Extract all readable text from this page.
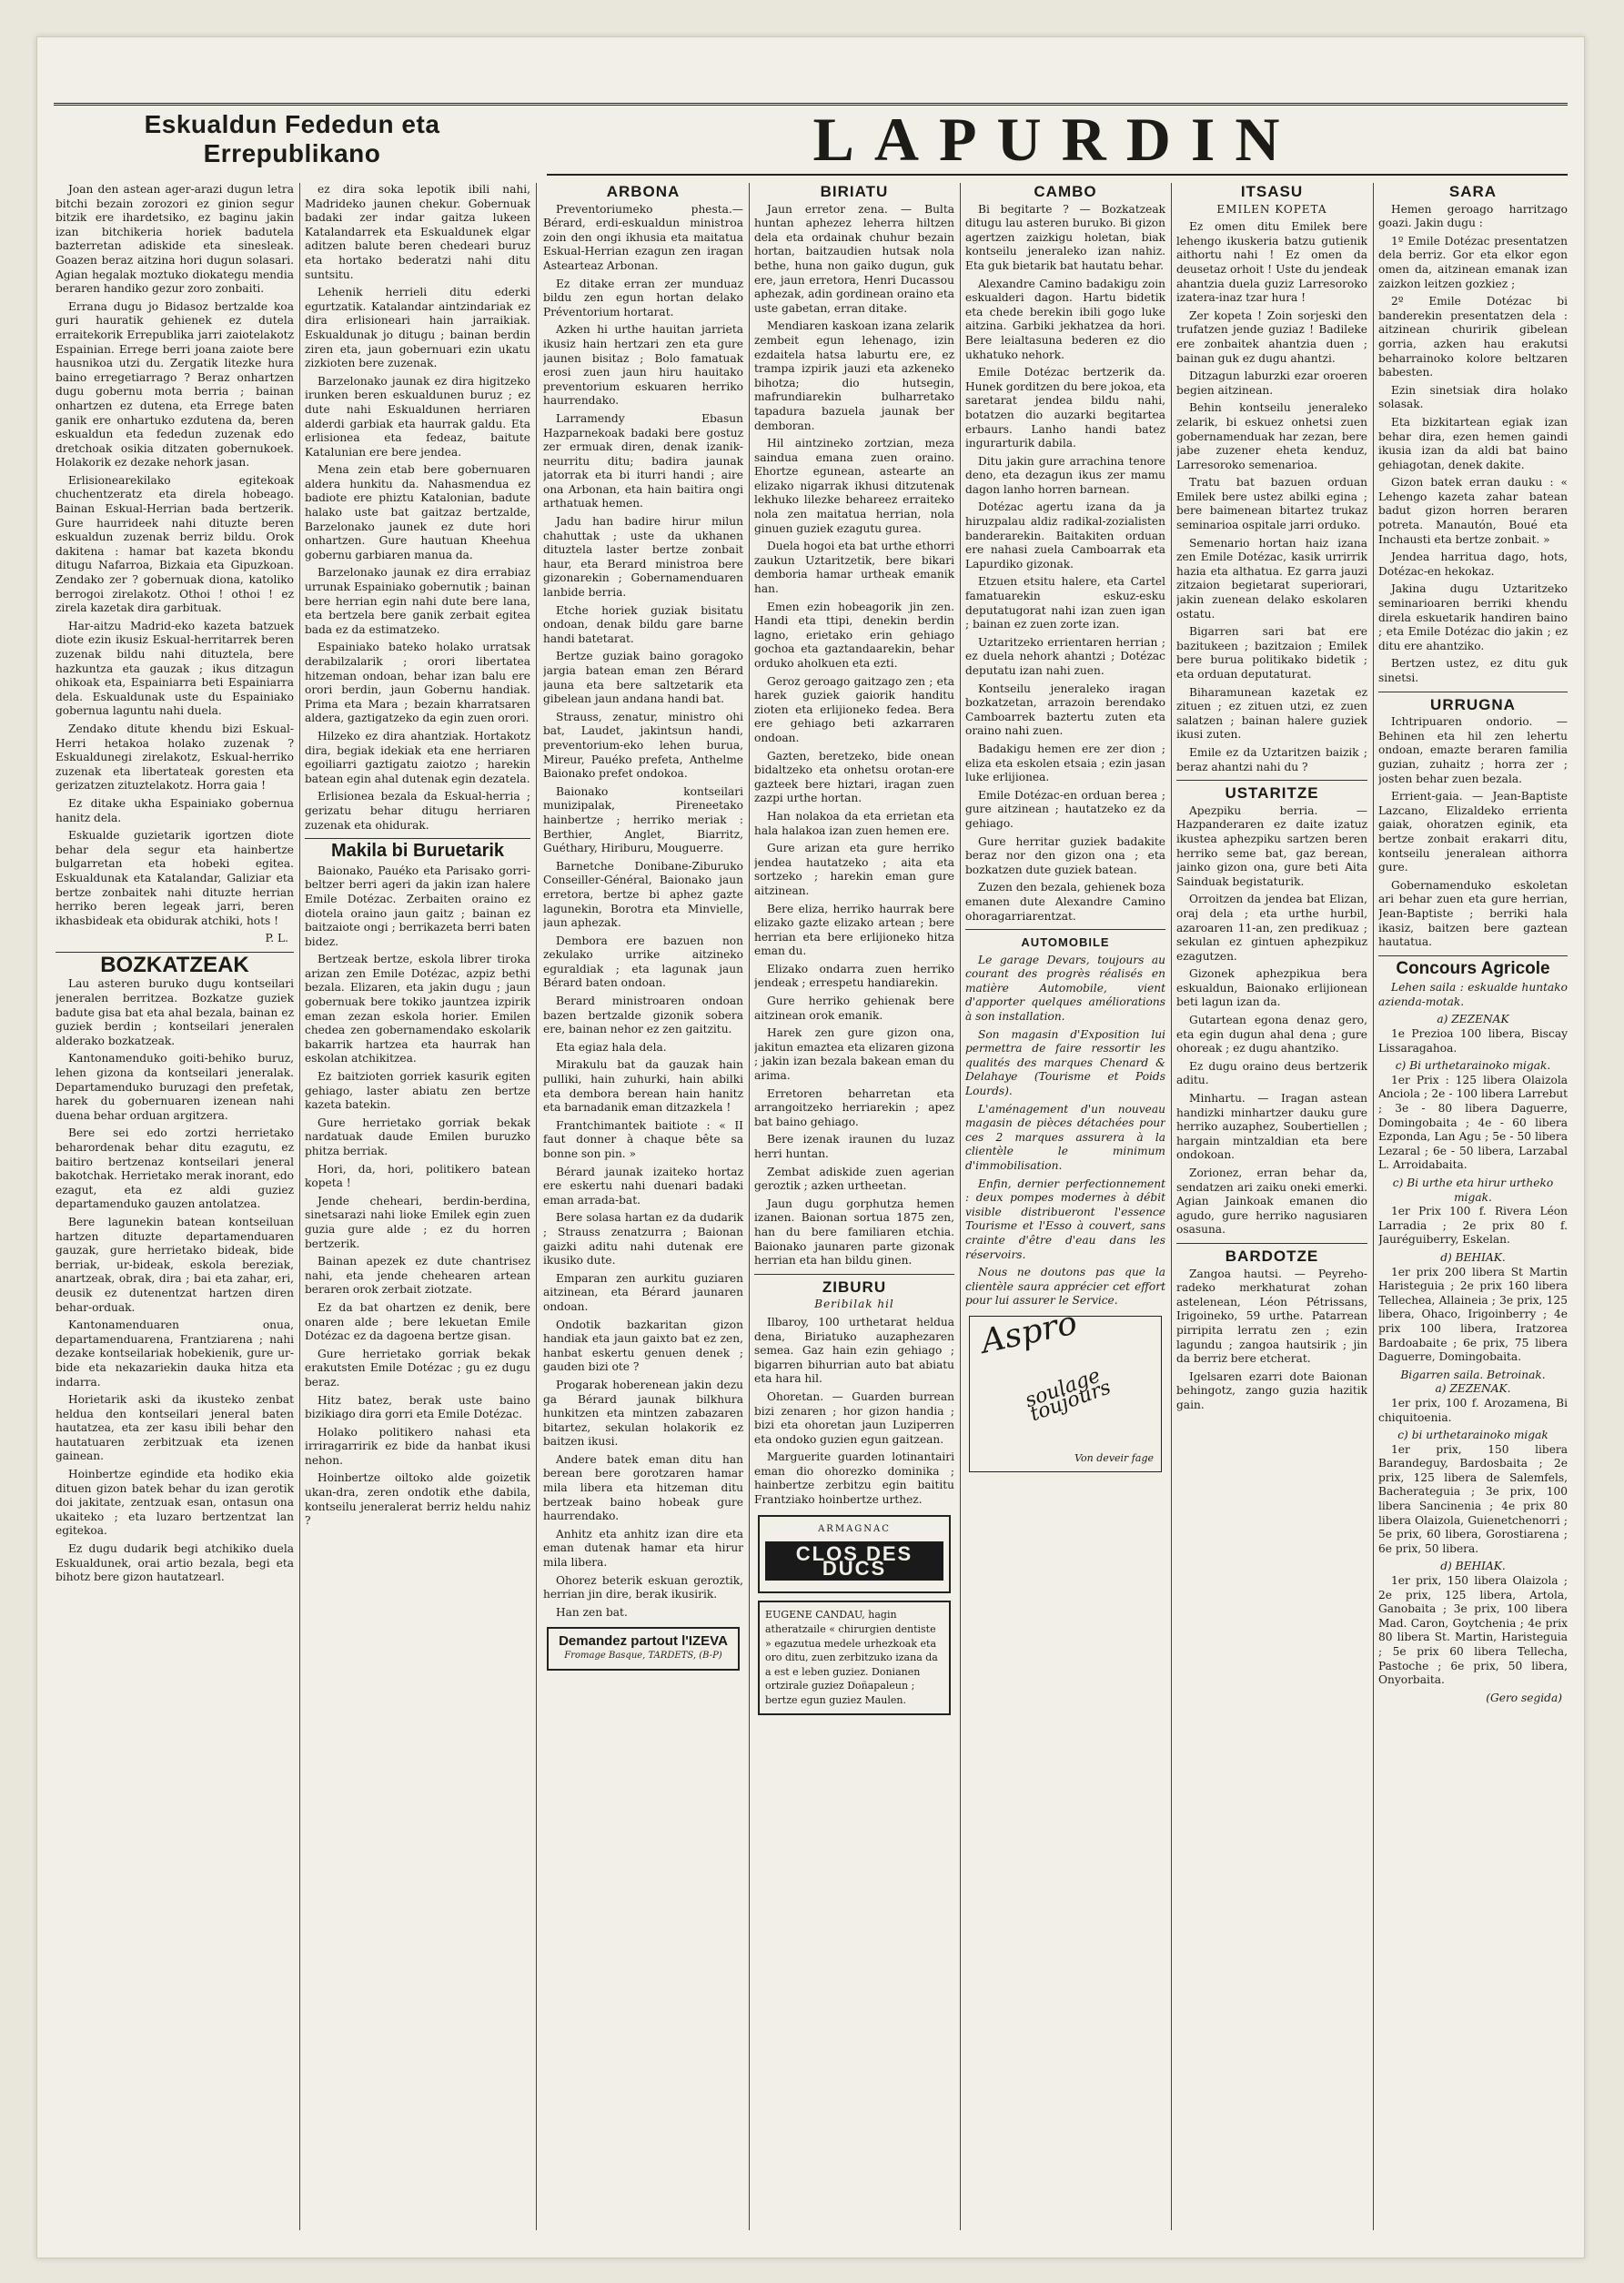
Eskualdun Fededun eta Errepublikano	LAPURDIN
Joan den astean ager-arazi dugun letra bitchi bezain zorozori ez ginion segur bitzik ere ihardetsiko, ez baginu jakin izan bitchikeria horiek badutela bazterretan adiskide eta sinesleak. Goazen beraz aitzina hori dugun solasari. Agian hegalak moztuko diokategu mendia beraren handiko gezur zoro zonbaiti.
Errana dugu jo Bidasoz bertzalde koa guri hauratik gehienek ez dutela erraitekorik Errepublika jarri zaiotelakotz Espainian. Errege berri joana zaiote bere hausnikoa utzi du. Zergatik litezke hura baino erregetiarrago ? Beraz onhartzen dugu gobernu mota berria ; bainan onhartzen ez dutena, eta Errege baten ganik ere onhartuko ezdutena da, beren eskualdun eta fededun zuzenak edo dretchoak osikia ditzaten gobernukoek. Holakorik ez dezake nehork jasan.
Erlisionearekilako egitekoak chuchentzeratz eta direla hobeago. Bainan Eskual-Herrian bada bertzerik. Gure haurrideek nahi dituzte beren eskualdun zuzenak berriz bildu. Orok dakitena : hamar bat kazeta bkondu ditugu Nafarroa, Bizkaia eta Gipuzkoan. Zendako zer ? gobernuak diona, katoliko berrogoi zirelakotz. Othoi ! othoi ! ez zirela kazetak dira garbituak.
Har-aitzu Madrid-eko kazeta batzuek diote ezin ikusiz Eskual-herritarrek beren zuzenak bildu nahi dituztela, bere hazkuntza eta gauzak ; ikus ditzagun ohikoak eta, Espainiarra beti Espainiarra dela. Eskualdunak uste du Espainiako gobernua laguntu nahi duela.
Zendako ditute khendu bizi Eskual-Herri hetakoa holako zuzenak ? Eskualdunegi zirelakotz, Eskual-herriko zuzenak eta libertateak goresten eta gerizatzen zituztelakotz. Horra gaia !
Ez ditake ukha Espainiako gobernua hanitz dela.
Eskualde guzietarik igortzen diote behar dela segur eta hainbertze bulgarretan eta hobeki egitea. Eskualdunak eta Katalandar, Galiziar eta bertze zonbaitek nahi dituzte herrian herriko beren legeak jarri, beren ikhasbideak eta obidurak atchiki, hots !
P. L.
BOZKATZEAK
Lau asteren buruko dugu kontseilari jeneralen berritzea. Bozkatze guziek badute gisa bat eta ahal bezala, bainan ez guziek berdin ; kontseilari jeneralen alderako bozkatzeak.
Kantonamenduko goiti-behiko buruz, lehen gizona da kontseilari jeneralak. Departamenduko buruzagi den prefetak, harek du gobernuaren izenean nahi duena behar orduan argitzera.
Bere sei edo zortzi herrietako beharordenak behar ditu ezagutu, ez baitiro bertzenaz kontseilari jeneral bakotchak. Herrietako merak inorant, edo ezagut, eta ez aldi guziez departamenduko gauzen antolatzea.
Bere lagunekin batean kontseiluan hartzen dituzte departamenduaren gauzak, gure herrietako bideak, bide berriak, ur-bideak, eskola bereziak, anartzeak, obrak, dira ; bai eta zahar, eri, deusik ez dutenentzat hartzen diren behar-orduak.
Kantonamenduaren onua, departamenduarena, Frantziarena ; nahi dezake kontseilariak hobekienik, gure ur-bide eta nekazariekin dauka hitza eta indarra.
Horietarik aski da ikusteko zenbat heldua den kontseilari jeneral baten hautatzea, eta zer kasu ibili behar den hautatuaren zerbitzuak eta izenen gainean.
Hoinbertze egindide eta hodiko ekia dituen gizon batek behar du izan gerotik doi jakitate, zentzuak esan, ontasun ona ukaiteko ; eta luzaro bertzentzat lan egitekoa.
Ez dugu dudarik begi atchikiko duela Eskualdunek, orai artio bezala, begi eta bihotz bere gizon hautatzearl.
ez dira soka lepotik ibili nahi, Madrideko jaunen chekur. Gobernuak badaki zer indar gaitza lukeen Katalandarrek eta Eskualdunek elgar aditzen balute beren chedeari buruz eta hortako bederatzi nahi ditu suntsitu.
Lehenik herrieli ditu ederki egurtzatik. Katalandar aintzindariak ez dira erlisioneari hain jarraikiak. Eskualdunak jo ditugu ; bainan berdin ziren eta, jaun gobernuari ezin ukatu zizkioten bere zuzenak.
Barzelonako jaunak ez dira higitzeko irunken beren eskualdunen buruz ; ez dute nahi Eskualdunen herriaren alderdi garbiak eta haurrak galdu. Eta erlisionea eta fedeaz, baitute Katalunian ere bere jendea.
Mena zein etab bere gobernuaren aldera hunkitu da. Nahasmendua ez badiote ere phiztu Katalonian, badute halako uste bat gaitzaz bertzalde, Barzelonako jaunek ez dute hori onhartzen. Gure hautuan Kheehua gobernu garbiaren manua da.
Barzelonako jaunak ez dira errabiaz urrunak Espainiako gobernutik ; bainan bere herrian egin nahi dute bere lana, eta bertzela bere ganik zerbait egitea bada ez da estimatzeko.
Espainiako bateko holako urratsak derabilzalarik ; orori libertatea hitzeman ondoan, behar izan balu ere orori berdin, jaun Gobernu handiak. Prima eta Mara ; bezain kharratsaren aldera, gaztigatzeko da egin zuen orori.
Hilzeko ez dira ahantziak. Hortakotz dira, begiak idekiak eta ene herriaren egoiliarri gaztigatu zaiotzo ; harekin batean egin ahal dutenak egin dezatela.
Erlisionea bezala da Eskual-herria ; gerizatu behar ditugu herriaren zuzenak eta ohidurak.
Makila bi Buruetarik
Baionako, Pauéko eta Parisako gorri-beltzer berri ageri da jakin izan halere Emile Dotézac. Zerbaiten oraino ez diotela oraino jaun gaitz ; bainan ez baitzaiote ongi ; berrikazeta berri baten bidez.
Bertzeak bertze, eskola librer tiroka arizan zen Emile Dotézac, azpiz bethi bezala. Elizaren, eta jakin dugu ; jaun gobernuak bere tokiko jauntzea izpirik eman zezan eskola horier. Emilen chedea zen gobernamendako eskolarik bakarrik hartzea eta haurrak han eskolan atchikitzea.
Ez baitzioten gorriek kasurik egiten gehiago, laster abiatu zen bertze kazeta batekin.
Gure herrietako gorriak bekak nardatuak daude Emilen buruzko phitza berriak.
Hori, da, hori, politikero batean kopeta !
Jende cheheari, berdin-berdina, sinetsarazi nahi lioke Emilek egin zuen guzia gure alde ; ez du horren bertzerik.
Bainan apezek ez dute chantrisez nahi, eta jende chehearen artean beraren orok zerbait ziotzate.
Ez da bat ohartzen ez denik, bere onaren alde ; bere lekuetan Emile Dotézac ez da dagoena bertze gisan.
Gure herrietako gorriak bekak erakutsten Emile Dotézac ; gu ez dugu beraz.
Hitz batez, berak uste baino bizikiago dira gorri eta Emile Dotézac.
Holako politikero nahasi eta irriragarririk ez bide da hanbat ikusi nehon.
Hoinbertze oiltoko alde goizetik ukan-dra, zeren ondotik ethe dabila, kontseilu jeneralerat berriz heldu nahiz ?
ARBONA
Preventoriumeko phesta.—Bérard, erdi-eskualdun ministroa zoin den ongi ikhusia eta maitatua Eskual-Herrian ezagun zen iragan Astearteaz Arbonan.
Ez ditake erran zer munduaz bildu zen egun hortan delako Préventorium hortarat.
Azken hi urthe hauitan jarrieta ikusiz hain hertzari zen eta gure jaunen bisitaz ; Bolo famatuak erosi zuen jaun hiru hauitako preventorium eskuaren herriko haurrendako.
Larramendy Ebasun Hazparnekoak badaki bere gostuz zer ermuak diren, denak izanik-neurritu ditu; badira jaunak jatorrak eta bi iturri handi ; aire ona Arbonan, eta hain baitira ongi arthatuak hemen.
Jadu han badire hirur milun chahuttak ; uste da ukhanen dituztela laster bertze zonbait haur, eta Berard ministroa bere gizonarekin ; Gobernamenduaren lanbide berria.
Etche horiek guziak bisitatu ondoan, denak bildu gare barne handi batetarat.
Bertze guziak baino goragoko jargia batean eman zen Bérard jauna eta bere saltzetarik eta gibelean jaun andana handi bat.
Strauss, zenatur, ministro ohi bat, Laudet, jakintsun handi, preventorium-eko lehen burua, Mireur, Pauéko prefeta, Anthelme Baionako prefet ondokoa.
Baionako kontseilari munizipalak, Pireneetako hainbertze ; herriko meriak : Berthier, Anglet, Biarritz, Guéthary, Hiriburu, Mouguerre.
Barnetche Donibane-Ziburuko Conseiller-Général, Baionako jaun erretora, bertze bi aphez gazte lagunekin, Borotra eta Minvielle, jaun aphezak.
Dembora ere bazuen non zekulako urrike aitzineko eguraldiak ; eta lagunak jaun Bérard baten ondoan.
Berard ministroaren ondoan bazen bertzalde gizonik sobera ere, bainan nehor ez zen gaitzitu.
Eta egiaz hala dela.
Mirakulu bat da gauzak hain pulliki, hain zuhurki, hain abilki eta dembora berean hain hanitz eta barnadanik eman ditzazkela !
Frantchimantek baitiote : « II faut donner à chaque bête sa bonne son pin. »
Bérard jaunak izaiteko hortaz ere eskertu nahi duenari badaki eman arrada-bat.
Bere solasa hartan ez da dudarik ; Strauss zenatzurra ; Baionan gaizki aditu nahi dutenak ere ikusiko dute.
Emparan zen aurkitu guziaren aitzinean, eta Bérard jaunaren ondoan.
Ondotik bazkaritan gizon handiak eta jaun gaixto bat ez zen, hanbat eskertu genuen denek ; gauden bizi ote ?
Progarak hoberenean jakin dezu ga Bérard jaunak bilkhura hunkitzen eta mintzen zabazaren bitartez, sekulan holakorik ez baitzen ikusi.
Andere batek eman ditu han berean bere gorotzaren hamar mila libera eta hitzeman ditu bertzeak baino hobeak gure haurrendako.
Anhitz eta anhitz izan dire eta eman dutenak hamar eta hirur mila libera.
Ohorez beterik eskuan geroztik, herrian jin dire, berak ikusirik.
Han zen bat.
Demandez partout l'IZEVA
Fromage Basque, TARDETS, (B-P)
BIRIATU
Jaun erretor zena. — Bulta huntan aphezez leherra hiltzen dela eta ordainak chuhur bezain hortan, baitzaudien hutsak nola bethe, huna non gaiko dugun, guk ere, jaun erretora, Henri Ducassou aphezak, adin gordinean oraino eta uste gabetan, erran ditake.
Mendiaren kaskoan izana zelarik zembeit egun lehenago, izin ezdaitela hatsa laburtu ere, ez trampa izpirik jauzi eta azkeneko bihotza; dio hutsegin, mafrundiarekin bulharretako tapadura bazuela jaunak ber demboran.
Hil aintzineko zortzian, meza saindua emana zuen oraino. Ehortze egunean, astearte an elizako nigarrak ikhusi ditzutenak lekhuko lilezke behareez erraiteko nola zen maitatua herrian, nola ginuen guziek ezagutu gurea.
Duela hogoi eta bat urthe ethorri zaukun Uztaritzetik, bere bikari demboria hamar urtheak emanik han.
Emen ezin hobeagorik jin zen. Handi eta ttipi, denekin berdin lagno, erietako erin gehiago gochoa eta gaztandaarekin, behar orduko aholkuen eta ezti.
Geroz geroago gaitzago zen ; eta harek guziek gaiorik handitu zioten eta erlijioneko fedea. Bera ere gehiago beti azkarraren ondoan.
Gazten, beretzeko, bide onean bidaltzeko eta onhetsu orotan-ere gazteek bere hiztari, iragan zuen zazpi urthe hortan.
Han nolakoa da eta errietan eta hala halakoa izan zuen hemen ere.
Gure arizan eta gure herriko jendea hautatzeko ; aita eta sortzeko ; harekin eman gure aitzinean.
Bere eliza, herriko haurrak bere elizako gazte elizako artean ; bere herrian eta bere erlijioneko hitza eman du.
Elizako ondarra zuen herriko jendeak ; errespetu handiarekin.
Gure herriko gehienak bere aitzinean orok emanik.
Harek zen gure gizon ona, jakitun emaztea eta elizaren gizona ; jakin izan bezala bakean eman du arima.
Erretoren beharretan eta arrangoitzeko herriarekin ; apez bat baino gehiago.
Bere izenak iraunen du luzaz herri huntan.
Zembat adiskide zuen agerian geroztik ; azken urtheetan.
Jaun dugu gorphutza hemen izanen. Baionan sortua 1875 zen, han du bere familiaren etchia. Baionako jaunaren parte gizonak herrian eta han bildu ginen.
ZIBURU
Beribilak hil
Ilbaroy, 100 urthetarat heldua dena, Biriatuko auzaphezaren semea. Gaz hain ezin gehiago ; bigarren bihurrian auto bat abiatu eta hara hil.
Ohoretan. — Guarden burrean bizi zenaren ; hor gizon handia ; bizi eta ohoretan jaun Luziperren eta ondoko guzien egun gaitzean.
Marguerite guarden lotinantairi eman dio ohorezko dominika ; hainbertze zerbitzu egin baititu Frantziako hoinbertze urthez.
ARMAGNAC
CLOS DES DUCS
EUGENE CANDAU, hagin atheratzaile « chirurgien dentiste » egazutua medele urhezkoak eta oro ditu, zuen zerbitzuko izana da a est e leben guziez. Donianen ortzirale guziez Doñapaleun ; bertze egun guziez Maulen.
CAMBO
Bi begitarte ? — Bozkatzeak ditugu lau asteren buruko. Bi gizon agertzen zaizkigu holetan, biak kontseilu jeneraleko izan nahiz. Eta guk bietarik bat hautatu behar.
Alexandre Camino badakigu zoin eskualderi dagon. Hartu bidetik eta chede berekin ibili gogo luke aitzina. Garbiki jekhatzea da hori. Bere leialtasuna bederen ez dio ukhatuko nehork.
Emile Dotézac bertzerik da. Hunek gorditzen du bere jokoa, eta saretarat jendea bildu nahi, botatzen dio auzarki begitartea erbaurs. Lanho handi batez ingurarturik dabila.
Ditu jakin gure arrachina tenore deno, eta dezagun ikus zer mamu dagon lanho horren barnean.
Dotézac agertu izana da ja hiruzpalau aldiz radikal-zozialisten banderarekin. Baitakiten orduan ere nahasi zuela Camboarrak eta Lapurdiko gizonak.
Etzuen etsitu halere, eta Cartel famatuarekin eskuz-esku deputatugorat nahi izan zuen igan ; bainan ez zuen zorte izan.
Uztaritzeko errientaren herrian ; ez duela nehork ahantzi ; Dotézac deputatu izan nahi zuen.
Kontseilu jeneraleko iragan bozkatzetan, arrazoin berendako Camboarrek baztertu zuten eta oraino nahi zuen.
Badakigu hemen ere zer dion ; eliza eta eskolen etsaia ; ezin jasan luke erlijionea.
Emile Dotézac-en orduan berea ; gure aitzinean ; hautatzeko ez da gehiago.
Gure herritar guziek badakite beraz nor den gizon ona ; eta bozkatzen dute guziek batean.
Zuzen den bezala, gehienek boza emanen dute Alexandre Camino ohoragarriarentzat.
AUTOMOBILE
Le garage Devars, toujours au courant des progrès réalisés en matière Automobile, vient d'apporter quelques améliorations à son installation.
Son magasin d'Exposition lui permettra de faire ressortir les qualités des marques Chenard & Delahaye (Tourisme et Poids Lourds).
L'aménagement d'un nouveau magasin de pièces détachées pour ces 2 marques assurera à la clientèle le minimum d'immobilisation.
Enfin, dernier perfectionnement : deux pompes modernes à débit visible distribueront l'essence Tourisme et l'Esso à couvert, sans crainte d'être d'eau dans les réservoirs.
Nous ne doutons pas que la clientèle saura apprécier cet effort pour lui assurer le Service.
Aspro
soulage toujours
Von deveir fage
ITSASU
EMILEN KOPETA
Ez omen ditu Emilek bere lehengo ikuskeria batzu gutienik aithortu nahi ! Ez omen da deusetaz orhoit ! Uste du jendeak ahantzia duela guziz Larresoroko izatera-inaz tzar hura !
Zer kopeta ! Zoin sorjeski den trufatzen jende guziaz ! Badileke ere zonbaitek ahantzia duen ; bainan guk ez dugu ahantzi.
Ditzagun laburzki ezar oroeren begien aitzinean.
Behin kontseilu jeneraleko zelarik, bi eskuez onhetsi zuen gobernamenduak har zezan, bere jabe zuzener eheta kenduz, Larresoroko semenarioa.
Tratu bat bazuen orduan Emilek bere ustez abilki egina ; bere baimenean bitartez trukaz seminarioa ospitale jarri orduko.
Semenario hortan haiz izana zen Emile Dotézac, kasik urrirrik hazia eta althatua. Ez garra jauzi zitzaion begietarat superiorari, jakin zuenean delako eskolaren ostatu.
Bigarren sari bat ere bazitukeen ; bazitzaion ; Emilek bere burua politikako bidetik ; eta orduan deputaturat.
Biharamunean kazetak ez zituen ; ez zituen utzi, ez zuen salatzen ; bainan halere guziek ikusi zuten.
Emile ez da Uztaritzen baizik ; beraz ahantzi nahi du ?
USTARITZE
Apezpiku berria. — Hazpanderaren ez daite izatuz ikustea aphezpiku sartzen beren herriko seme bat, gaz berean, jainko gizon ona, gure beti Aita Sainduak begistaturik.
Orroitzen da jendea bat Elizan, oraj dela ; eta urthe hurbil, azaroaren 11-an, zen predikuaz ; sekulan ez gintuen aphezpikuz ezagutzen.
Gizonek aphezpikua bera eskualdun, Baionako erlijionean beti lagun izan da.
Gutartean egona denaz gero, eta egin dugun ahal dena ; gure ohoreak ; ez dugu ahantziko.
Ez dugu oraino deus bertzerik aditu.
Minhartu. — Iragan astean handizki minhartzer dauku gure herriko auzaphez, Soubertiellen ; hargain mintzaldian eta bere ondokoan.
Zorionez, erran behar da, sendatzen ari zaiku oneki emerki. Agian Jainkoak emanen dio agudo, gure herriko nagusiaren osasuna.
BARDOTZE
Zangoa hautsi. — Peyreho-radeko merkhaturat zohan astelenean, Léon Pétrissans, Irigoineko, 59 urthe. Patarrean pirripita lerratu zen ; ezin lagundu ; zangoa hautsirik ; jin da berriz bere etcherat.
Igelsaren ezarri dote Baionan behingotz, zango guzia hazitik gain.
SARA
Hemen geroago harritzago goazi. Jakin dugu :
1º Emile Dotézac presentatzen dela berriz. Gor eta elkor egon omen da, aitzinean emanak izan zaizkon leitzen gozkiez ;
2º Emile Dotézac bi banderekin presentatzen dela : aitzinean churirik gibelean gorria, azken hau erakutsi beharrainoko kolore beltzaren babesten.
Ezin sinetsiak dira holako solasak.
Eta bizkitartean egiak izan behar dira, ezen hemen gaindi ikusia izan da aldi bat baino gehiagotan, denek dakite.
Gizon batek erran dauku : « Lehengo kazeta zahar batean badut gizon horren beraren potreta. Manautón, Boué eta Inchausti eta bertze zonbait. »
Jendea harritua dago, hots, Dotézac-en hekokaz.
Jakina dugu Uztaritzeko seminarioaren berriki khendu direla eskuetarik handiren baino ; eta Emile Dotézac dio jakin ; ez ditu ere ahantziko.
Bertzen ustez, ez ditu guk sinetsi.
URRUGNA
Ichtripuaren ondorio. — Behinen eta hil zen lehertu ondoan, emazte beraren familia guzian, zuhaitz ; horra zer ; josten behar zuen bezala.
Errient-gaia. — Jean-Baptiste Lazcano, Elizaldeko errienta gaiak, ohoratzen eginik, eta bertze zonbait erakarri ditu, kontseilu jeneralean aithorra gure.
Gobernamenduko eskoletan ari behar zuen eta gure herrian, Jean-Baptiste ; berriki hala ikasiz, baitzen bere gaztean hautatua.
Concours Agricole
Lehen saila : eskualde huntako azienda-motak.
a) ZEZENAK
1e Prezioa 100 libera, Biscay Lissaragahoa.
c) Bi urthetarainoko migak.
1er Prix : 125 libera Olaizola Anciola ; 2e - 100 libera Larrebut ; 3e - 80 libera Daguerre, Domingobaita ; 4e - 60 libera Ezponda, Lan Agu ; 5e - 50 libera Lezaral ; 6e - 50 libera, Larzabal L. Arroidabaita.
c) Bi urthe eta hirur urtheko migak.
1er Prix 100 f. Rivera Léon Larradia ; 2e prix 80 f. Jauréguiberry, Eskelan.
d) BEHIAK.
1er prix 200 libera St Martin Haristeguia ; 2e prix 160 libera Tellechea, Allaineia ; 3e prix, 125 libera, Ohaco, Irigoinberry ; 4e prix 100 libera, Iratzorea Bardoabaite ; 6e prix, 75 libera Daguerre, Domingobaita.
Bigarren saila. Betroinak.
a) ZEZENAK.
1er prix, 100 f. Arozamena, Bi chiquitoenia.
c) bi urthetarainoko migak
1er prix, 150 libera Barandeguy, Bardosbaita ; 2e prix, 125 libera de Salemfels, Bacherateguia ; 3e prix, 100 libera Sancinenia ; 4e prix 80 libera Olaizola, Guienetchenorri ; 5e prix, 60 libera, Gorostiarena ; 6e prix, 50 libera.
d) BEHIAK.
1er prix, 150 libera Olaizola ; 2e prix, 125 libera, Artola, Ganobaita ; 3e prix, 100 libera Mad. Caron, Goytchenia ; 4e prix 80 libera St. Martin, Haristeguia ; 5e prix 60 libera Tellecha, Pastoche ; 6e prix, 50 libera, Onyorbaita.
(Gero segida)
